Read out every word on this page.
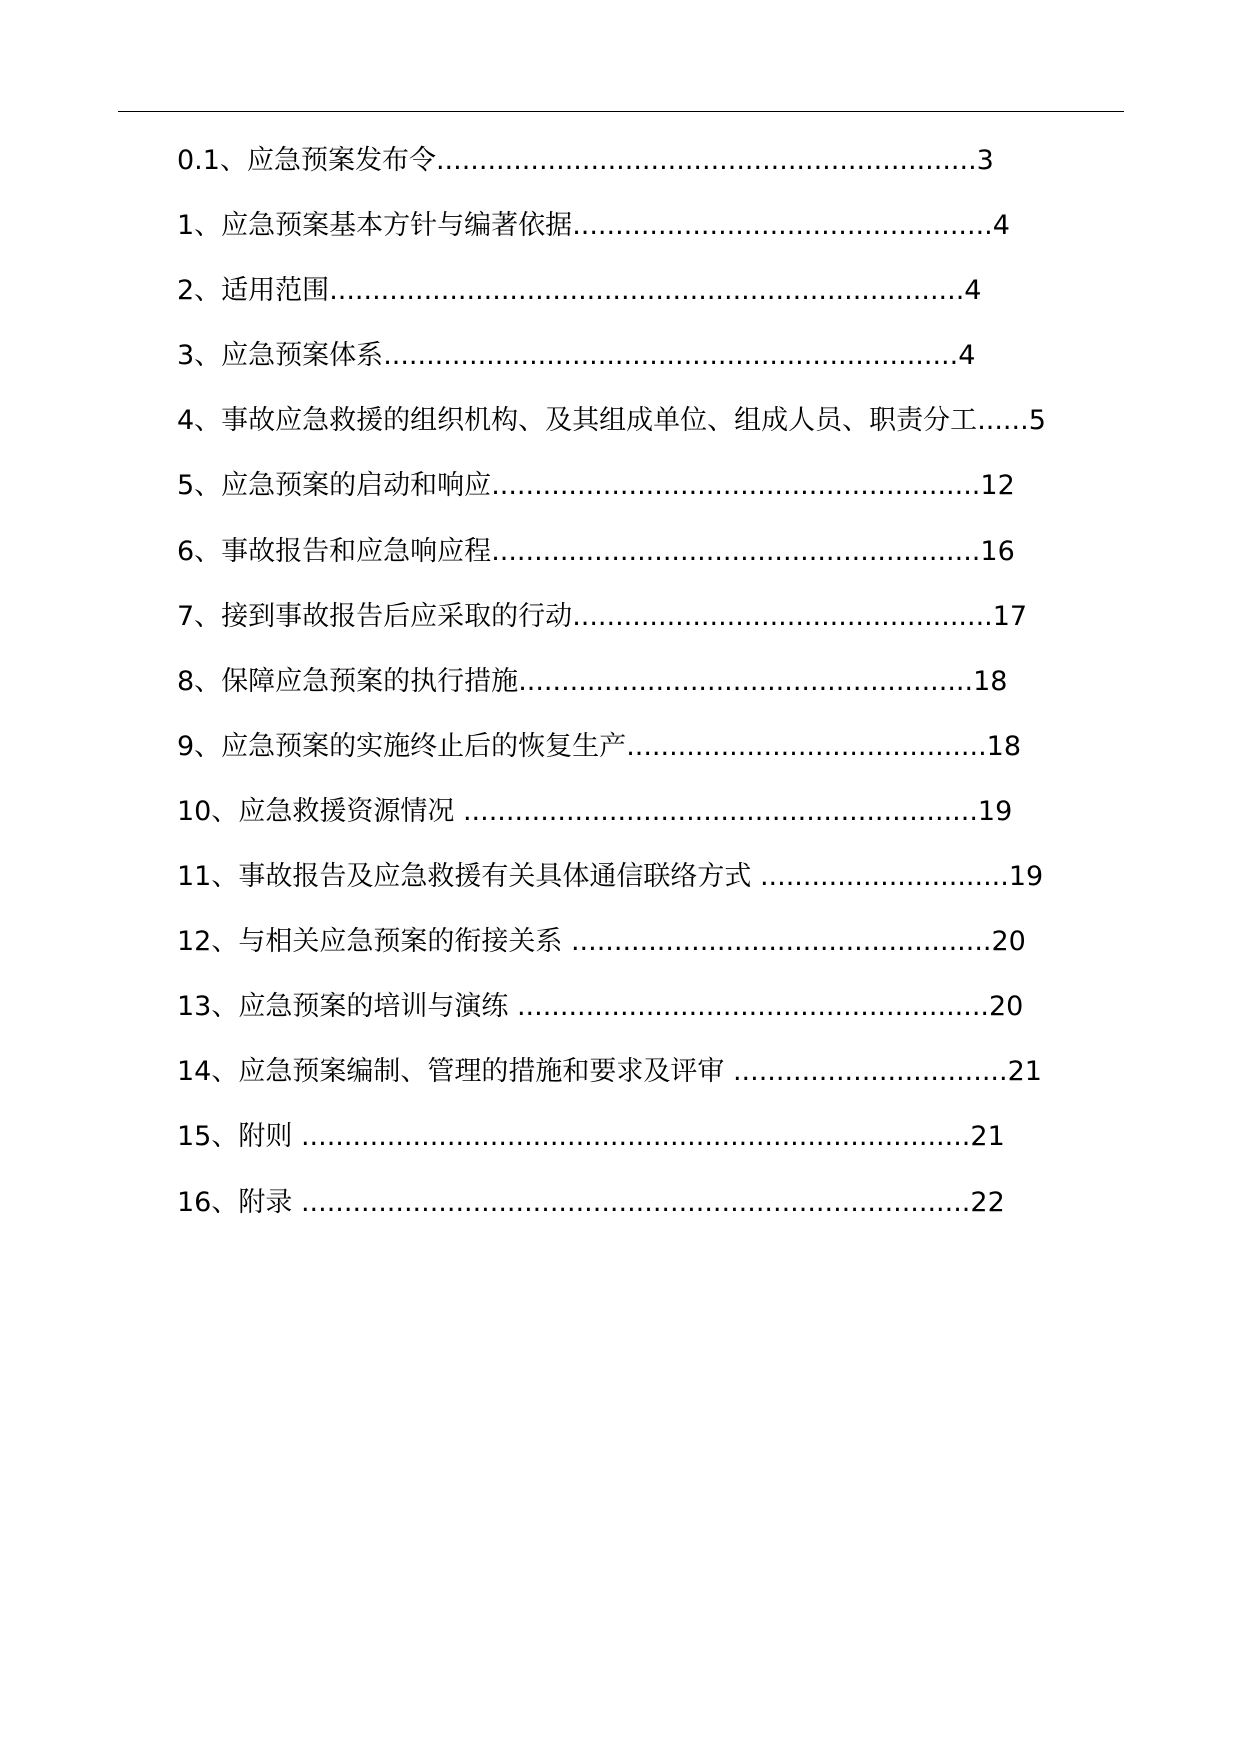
0.1、应急预案发布令...............................................................3
1、应急预案基本方针与编著依据.................................................4
2、适用范围..........................................................................4
3、应急预案体系...................................................................4
4、事故应急救援的组织机构、及其组成单位、组成人员、职责分工......5
5、应急预案的启动和响应.........................................................12
6、事故报告和应急响应程.........................................................16
7、接到事故报告后应采取的行动.................................................17
8、保障应急预案的执行措施.....................................................18
9、应急预案的实施终止后的恢复生产..........................................18
10、应急救援资源情况 ............................................................19
11、事故报告及应急救援有关具体通信联络方式 .............................19
12、与相关应急预案的衔接关系 .................................................20
13、应急预案的培训与演练 .......................................................20
14、应急预案编制、管理的措施和要求及评审 ................................21
15、附则 ..............................................................................21
16、附录 ..............................................................................22
